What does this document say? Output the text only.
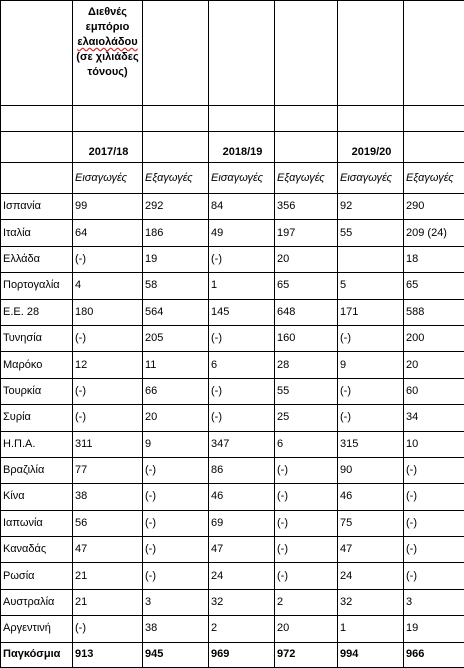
	Διεθνές
εμπόριο
ελαιολάδου
(σε χιλιάδες τόνους)					

	2017/18		2018/19		2019/20	

	Εισαγωγές	Εξαγωγές	Εισαγωγές	Εξαγωγές	Εισαγωγές	Εξαγωγές
Ισπανία	99	292	84	356	92	290
Ιταλία	64	186	49	197	55	209 (24)
Ελλάδα	(-)	19	(-)	20		18
Πορτογαλία	4	58	1	65	5	65
Ε.Ε. 28	180	564	145	648	171	588
Τυνησία	(-)	205	(-)	160	(-)	200
Μαρόκο	12	11	6	28	9	20
Τουρκία	(-)	66	(-)	55	(-)	60
Συρία	(-)	20	(-)	25	(-)	34
Η.Π.Α.	311	9	347	6	315	10
Βραζιλία	77	(-)	86	(-)	90	(-)
Κίνα	38	(-)	46	(-)	46	(-)
Ιαπωνία	56	(-)	69	(-)	75	(-)
Καναδάς	47	(-)	47	(-)	47	(-)
Ρωσία	21	(-)	24	(-)	24	(-)
Αυστραλία	21	3	32	2	32	3
Αργεντινή	(-)	38	2	20	1	19
Παγκόσμια	913	945	969	972	994	966
